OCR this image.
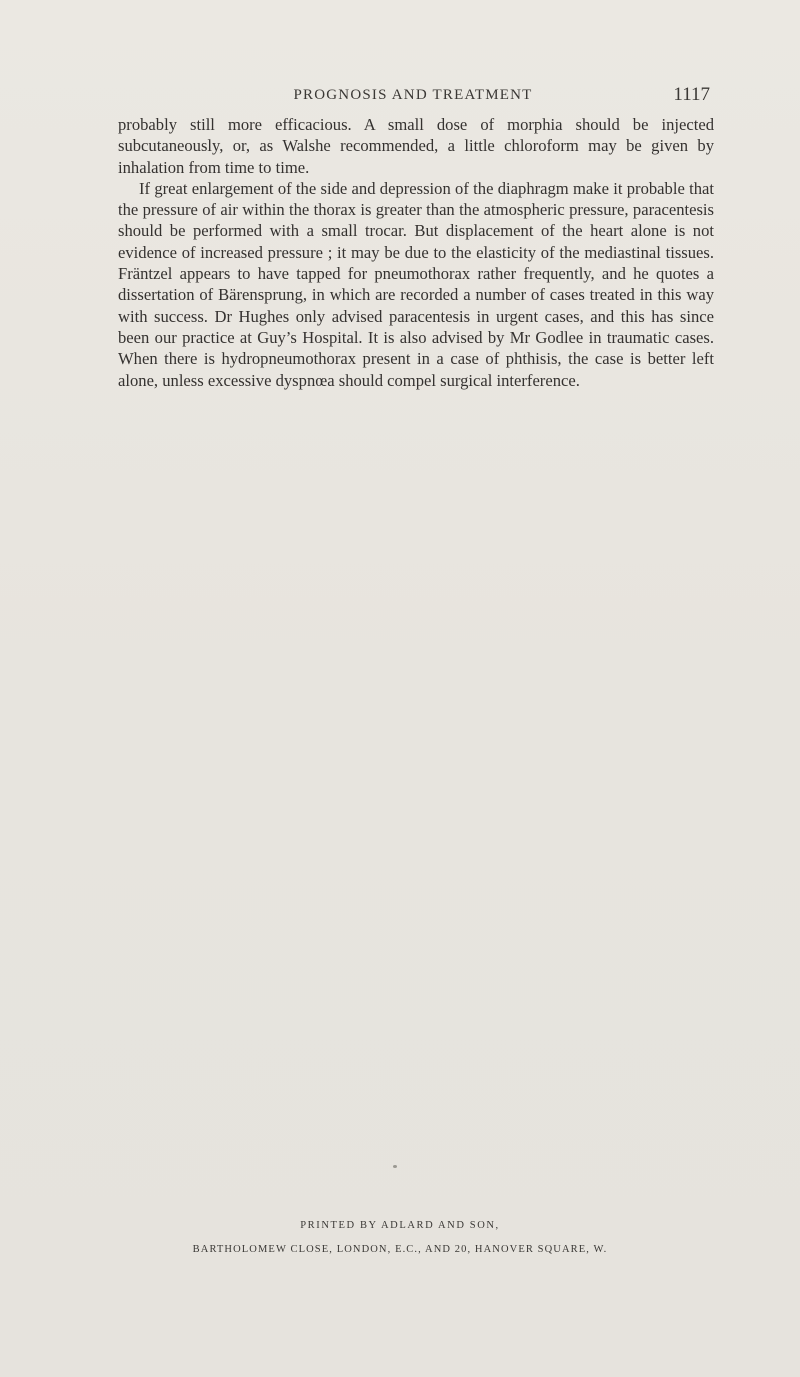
PROGNOSIS AND TREATMENT	1117

probably still more efficacious. A small dose of morphia should be injected subcutaneously, or, as Walshe recommended, a little chloroform may be given by inhalation from time to time.

If great enlargement of the side and depression of the diaphragm make it probable that the pressure of air within the thorax is greater than the atmospheric pressure, paracentesis should be performed with a small trocar. But displacement of the heart alone is not evidence of increased pressure ; it may be due to the elasticity of the mediastinal tissues. Fräntzel appears to have tapped for pneumothorax rather frequently, and he quotes a dissertation of Bärensprung, in which are recorded a number of cases treated in this way with success. Dr Hughes only advised paracentesis in urgent cases, and this has since been our practice at Guy’s Hospital. It is also advised by Mr Godlee in traumatic cases. When there is hydropneumothorax present in a case of phthisis, the case is better left alone, unless excessive dyspnœa should compel surgical interference.

PRINTED BY ADLARD AND SON,
BARTHOLOMEW CLOSE, LONDON, E.C., AND 20, HANOVER SQUARE, W.
